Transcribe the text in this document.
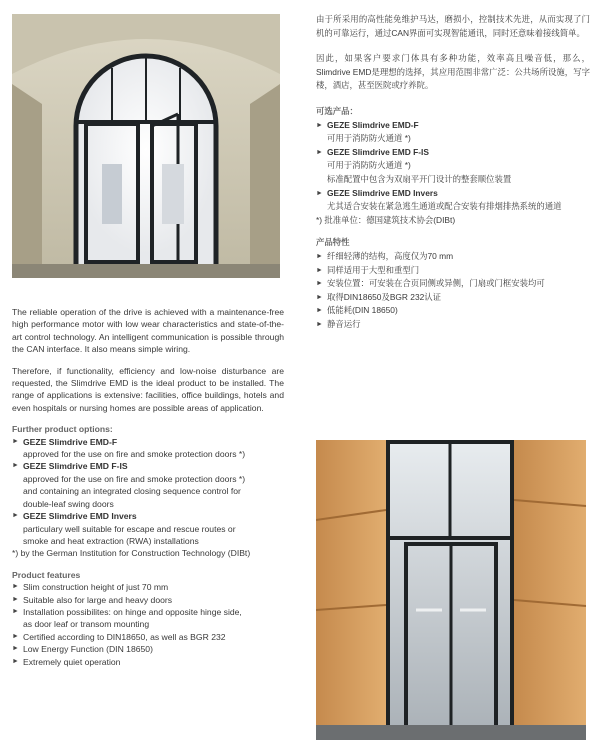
The reliable operation of the drive is achieved with a maintenance-free high performance motor with low wear characteristics and state-of-the-art control technology. An intelligent communication is possible through the CAN interface. It also means simple wiring.

Therefore, if functionality, efficiency and low-noise disturbance are requested, the Slimdrive EMD is the ideal product to be installed. The range of applications is extensive: facilities, office buildings, hotels and even hospitals or nursing homes are possible areas of application.

Further product options:
► GEZE Slimdrive EMD-F
approved for the use on fire and smoke protection doors *)
► GEZE Slimdrive EMD F-IS
approved for the use on fire and smoke protection doors *)
and containing an integrated closing sequence control for
double-leaf swing doors
► GEZE Slimdrive EMD Invers
particulary well suitable for escape and rescue routes or
smoke and heat extraction (RWA) installations
*) by the German Institution for Construction Technology (DIBt)
Product features
► Slim construction height of just 70 mm
► Suitable also for large and heavy doors
► Installation possibilites: on hinge and opposite hinge side,
as door leaf or transom mounting
► Certified according to DIN18650, as well as BGR 232
► Low Energy Function (DIN 18650)
► Extremely quiet operation

由于所采用的高性能免维护马达，磨损小，控制技术先进，从而实现了门机的可靠运行，通过CAN界面可实现智能通讯，同时还意味着接线简单。

因此，如果客户要求门体具有多种功能，效率高且噪音低，那么，Slimdrive EMD是理想的选择，其应用范围非常广泛：公共场所设施，写字楼，酒店，甚至医院或疗养院。

可选产品：
► GEZE Slimdrive EMD-F
可用于消防防火通道 *)
► GEZE Slimdrive EMD F-IS
可用于消防防火通道 *)
标准配置中包含为双扇平开门设计的整套顺位装置
► GEZE Slimdrive EMD Invers
尤其适合安装在紧急逃生通道或配合安装有排烟排热系统的通道
*) 批准单位：德国建筑技术协会(DIBt)
产品特性
► 纤细轻薄的结构，高度仅为70 mm
► 同样适用于大型和重型门
► 安装位置：可安装在合页同侧或异侧，门扇或门框安装均可
► 取得DIN18650及BGR 232认证
► 低能耗(DIN 18650)
► 静音运行
